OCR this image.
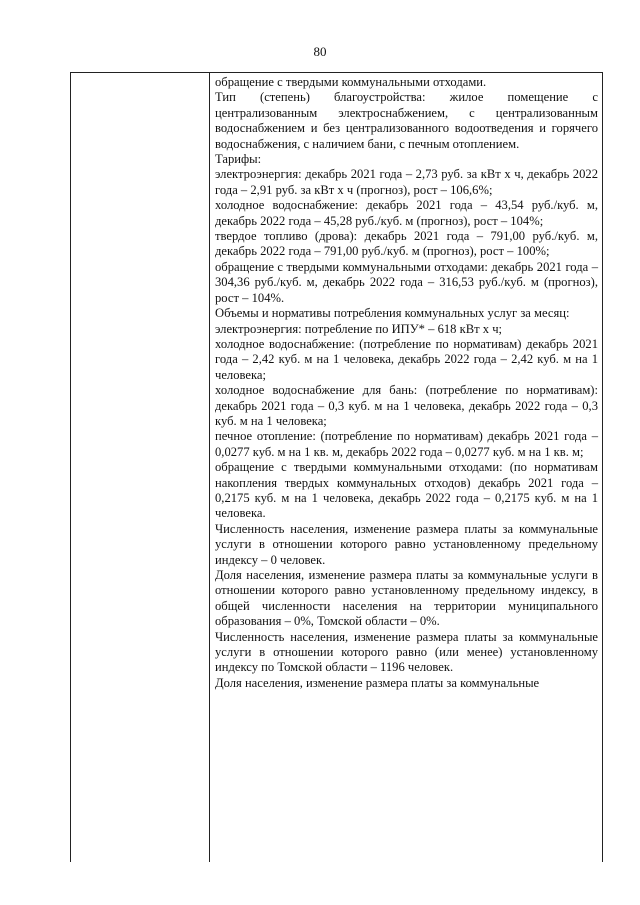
80

обращение с твердыми коммунальными отходами.

Тип (степень) благоустройства: жилое помещение с централизованным электроснабжением, с централизованным водоснабжением и без централизованного водоотведения и горячего водоснабжения, с наличием бани, с печным отоплением.

Тарифы:

электроэнергия: декабрь 2021 года – 2,73 руб. за кВт х ч, декабрь 2022 года – 2,91 руб. за кВт х ч (прогноз), рост – 106,6%;

холодное водоснабжение: декабрь 2021 года – 43,54 руб./куб. м, декабрь 2022 года – 45,28 руб./куб. м (прогноз), рост – 104%;

твердое топливо (дрова): декабрь 2021 года – 791,00 руб./куб. м, декабрь 2022 года – 791,00 руб./куб. м (прогноз), рост – 100%;

обращение с твердыми коммунальными отходами: декабрь 2021 года – 304,36 руб./куб. м, декабрь 2022 года – 316,53 руб./куб. м (прогноз), рост – 104%.

Объемы и нормативы потребления коммунальных услуг за месяц:

электроэнергия: потребление по ИПУ* – 618 кВт х ч;

холодное водоснабжение: (потребление по нормативам) декабрь 2021 года – 2,42 куб. м на 1 человека, декабрь 2022 года – 2,42 куб. м на 1 человека;

холодное водоснабжение для бань: (потребление по нормативам): декабрь 2021 года – 0,3 куб. м на 1 человека, декабрь 2022 года – 0,3 куб. м на 1 человека;

печное отопление: (потребление по нормативам) декабрь 2021 года – 0,0277 куб. м на 1 кв. м, декабрь 2022 года – 0,0277 куб. м на 1 кв. м;

обращение с твердыми коммунальными отходами: (по нормативам накопления твердых коммунальных отходов) декабрь 2021 года – 0,2175 куб. м на 1 человека, декабрь 2022 года – 0,2175 куб. м на 1 человека.

Численность населения, изменение размера платы за коммунальные услуги в отношении которого равно установленному предельному индексу – 0 человек.

Доля населения, изменение размера платы за коммунальные услуги в отношении которого равно установленному предельному индексу, в общей численности населения на территории муниципального образования – 0%, Томской области – 0%.

Численность населения, изменение размера платы за коммунальные услуги в отношении которого равно (или менее) установленному индексу по Томской области – 1196 человек.

Доля населения, изменение размера платы за коммунальные
